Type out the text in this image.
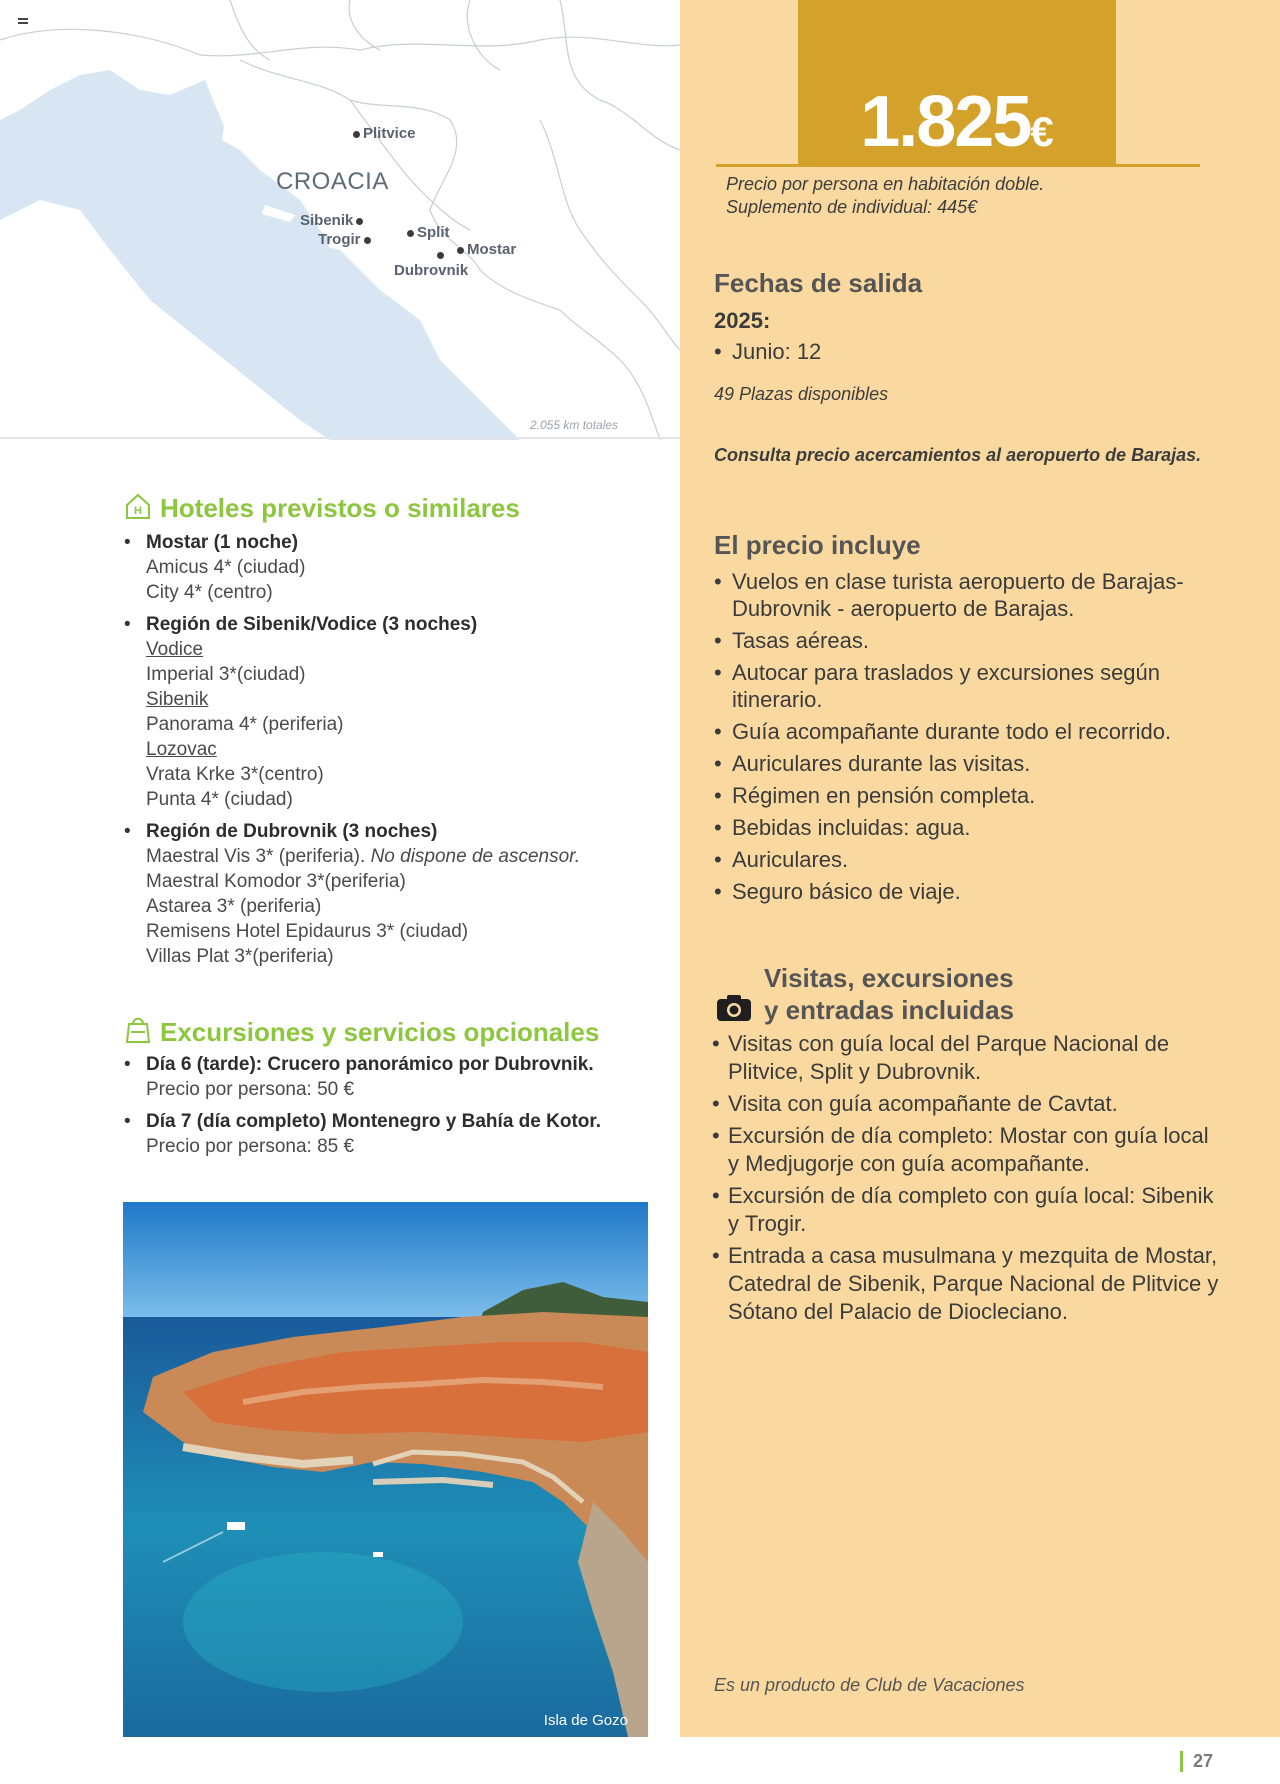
CROACIA
Plitvice
Sibenik
Trogir	Split
Mostar
Dubrovnik
2.055 km totales
H Hoteles previstos o similares
• Mostar (1 noche)
Amicus 4* (ciudad)
City 4* (centro)
• Región de Sibenik/Vodice (3 noches)
Vodice
Imperial 3*(ciudad)
Sibenik
Panorama 4* (periferia)
Lozovac
Vrata Krke 3*(centro)
Punta 4* (ciudad)
• Región de Dubrovnik (3 noches)
Maestral Vis 3* (periferia). No dispone de ascensor.
Maestral Komodor 3*(periferia)
Astarea 3* (periferia)
Remisens Hotel Epidaurus 3* (ciudad)
Villas Plat 3*(periferia)
Excursiones y servicios opcionales
• Día 6 (tarde): Crucero panorámico por Dubrovnik.
Precio por persona: 50 €
• Día 7 (día completo) Montenegro y Bahía de Kotor.
Precio por persona: 85 €
Isla de Gozo
1.825€
Precio por persona en habitación doble.
Suplemento de individual: 445€
Fechas de salida
2025:
• Junio: 12
49 Plazas disponibles
Consulta precio acercamientos al aeropuerto de Barajas.
El precio incluye
• Vuelos en clase turista aeropuerto de Barajas- Dubrovnik - aeropuerto de Barajas.
• Tasas aéreas.
• Autocar para traslados y excursiones según itinerario.
• Guía acompañante durante todo el recorrido.
• Auriculares durante las visitas.
• Régimen en pensión completa.
• Bebidas incluidas: agua.
• Auriculares.
• Seguro básico de viaje.
Visitas, excursiones
y entradas incluidas
• Visitas con guía local del Parque Nacional de Plitvice, Split y Dubrovnik.
• Visita con guía acompañante de Cavtat.
• Excursión de día completo: Mostar con guía local y Medjugorje con guía acompañante.
• Excursión de día completo con guía local: Sibenik y Trogir.
• Entrada a casa musulmana y mezquita de Mostar, Catedral de Sibenik, Parque Nacional de Plitvice y Sótano del Palacio de Diocleciano.
Es un producto de Club de Vacaciones
27
